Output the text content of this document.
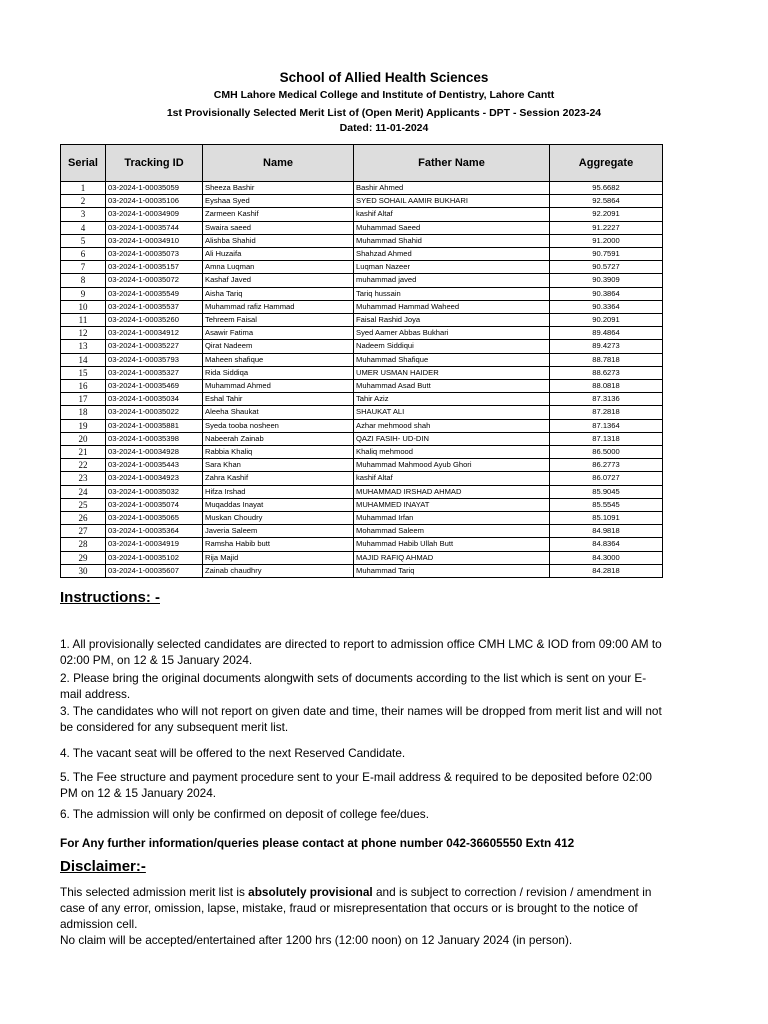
School of Allied Health Sciences
CMH Lahore Medical College and Institute of Dentistry, Lahore Cantt
1st Provisionally Selected Merit List of (Open Merit) Applicants - DPT - Session 2023-24
Dated: 11-01-2024
Serial	Tracking ID	Name	Father Name	Aggregate
1	03-2024-1-00035059	Sheeza Bashir	Bashir Ahmed	95.6682
2	03-2024-1-00035106	Eyshaa Syed	SYED SOHAIL AAMIR BUKHARI	92.5864
3	03-2024-1-00034909	Zarmeen Kashif	kashif Altaf	92.2091
4	03-2024-1-00035744	Swaira saeed	Muhammad Saeed	91.2227
5	03-2024-1-00034910	Alishba Shahid	Muhammad Shahid	91.2000
6	03-2024-1-00035073	Ali Huzaifa	Shahzad Ahmed	90.7591
7	03-2024-1-00035157	Amna Luqman	Luqman Nazeer	90.5727
8	03-2024-1-00035072	Kashaf Javed	muhammad javed	90.3909
9	03-2024-1-00035549	Aisha Tariq	Tariq hussain	90.3864
10	03-2024-1-00035537	Muhammad rafiz Hammad	Muhammad Hammad Waheed	90.3364
11	03-2024-1-00035260	Tehreem Faisal	Faisal Rashid Joya	90.2091
12	03-2024-1-00034912	Asawir Fatima	Syed Aamer Abbas Bukhari	89.4864
13	03-2024-1-00035227	Qirat Nadeem	Nadeem Siddiqui	89.4273
14	03-2024-1-00035793	Maheen shafique	Muhammad Shafique	88.7818
15	03-2024-1-00035327	Rida Siddiqa	UMER USMAN HAIDER	88.6273
16	03-2024-1-00035469	Muhammad Ahmed	Muhammad Asad Butt	88.0818
17	03-2024-1-00035034	Eshal Tahir	Tahir Aziz	87.3136
18	03-2024-1-00035022	Aleeha Shaukat	SHAUKAT ALI	87.2818
19	03-2024-1-00035881	Syeda tooba nosheen	Azhar mehmood shah	87.1364
20	03-2024-1-00035398	Nabeerah Zainab	QAZI FASIH- UD-DIN	87.1318
21	03-2024-1-00034928	Rabbia Khaliq	Khaliq mehmood	86.5000
22	03-2024-1-00035443	Sara Khan	Muhammad Mahmood Ayub Ghori	86.2773
23	03-2024-1-00034923	Zahra Kashif	kashif Altaf	86.0727
24	03-2024-1-00035032	Hifza Irshad	MUHAMMAD IRSHAD AHMAD	85.9045
25	03-2024-1-00035074	Muqaddas Inayat	MUHAMMED INAYAT	85.5545
26	03-2024-1-00035065	Muskan Choudry	Muhammad Irfan	85.1091
27	03-2024-1-00035364	Javeria Saleem	Mohammad Saleem	84.9818
28	03-2024-1-00034919	Ramsha Habib butt	Muhammad Habib Ullah Butt	84.8364
29	03-2024-1-00035102	Rija Majid	MAJID RAFIQ AHMAD	84.3000
30	03-2024-1-00035607	Zainab chaudhry	Muhammad Tariq	84.2818
Instructions: -
1. All provisionally selected candidates are directed to report to admission office CMH LMC & IOD from 09:00 AM to 02:00 PM, on 12 & 15 January 2024.
2. Please bring the original documents alongwith sets of documents according to the list which is sent on your E-mail address.
3. The candidates who will not report on given date and time, their names will be dropped from merit list and will not be considered for any subsequent merit list.
4. The vacant seat will be offered to the next Reserved Candidate.
5. The Fee structure and payment procedure sent to your E-mail address & required to be deposited before 02:00 PM on 12 & 15 January 2024.
6. The admission will only be confirmed on deposit of college fee/dues.
For Any further information/queries please contact at phone number 042-36605550 Extn 412
Disclaimer:-
This selected admission merit list is absolutely provisional and is subject to correction / revision / amendment in case of any error, omission, lapse, mistake, fraud or misrepresentation that occurs or is brought to the notice of admission cell.
No claim will be accepted/entertained after 1200 hrs (12:00 noon) on 12 January 2024 (in person).
